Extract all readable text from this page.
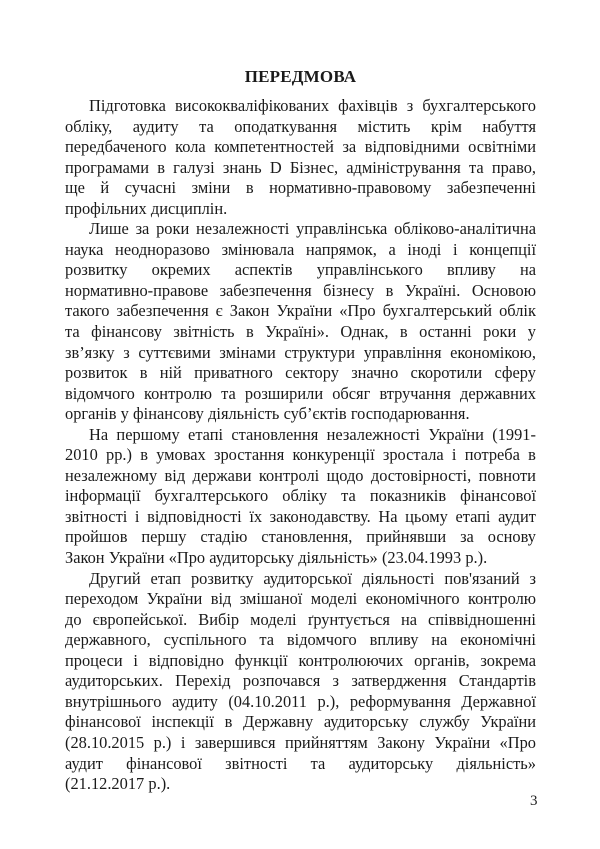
ПЕРЕДМОВА
Підготовка висококваліфікованих фахівців з бухгалтерського
обліку, аудиту та оподаткування містить крім набуття
передбаченого кола компетентностей за відповідними освітніми
програмами в галузі знань D Бізнес, адміністрування та право,
ще й сучасні зміни в нормативно-правовому забезпеченні
профільних дисциплін.
Лише за роки незалежності управлінська обліково-аналітична
наука неодноразово змінювала напрямок, а іноді і концепції
розвитку окремих аспектів управлінського впливу на
нормативно-правове забезпечення бізнесу в Україні. Основою
такого забезпечення є Закон України «Про бухгалтерський облік
та фінансову звітність в Україні». Однак, в останні роки у
зв’язку з суттєвими змінами структури управління економікою,
розвиток в ній приватного сектору значно скоротили сферу
відомчого контролю та розширили обсяг втручання державних
органів у фінансову діяльність суб’єктів господарювання.
На першому етапі становлення незалежності України (1991-
2010 рр.) в умовах зростання конкуренції зростала і потреба в
незалежному від держави контролі щодо достовірності, повноти
інформації бухгалтерського обліку та показників фінансової
звітності і відповідності їх законодавству. На цьому етапі аудит
пройшов першу стадію становлення, прийнявши за основу
Закон України «Про аудиторську діяльність» (23.04.1993 р.).
Другий етап розвитку аудиторської діяльності пов'язаний з
переходом України від змішаної моделі економічного контролю
до європейської. Вибір моделі ґрунтується на співвідношенні
державного, суспільного та відомчого впливу на економічні
процеси і відповідно функції контролюючих органів, зокрема
аудиторських. Перехід розпочався з затвердження Стандартів
внутрішнього аудиту (04.10.2011 р.), реформування Державної
фінансової інспекції в Державну аудиторську службу України
(28.10.2015 р.) і завершився прийняттям Закону України «Про
аудит фінансової звітності та аудиторську діяльність»
(21.12.2017 р.).
3
